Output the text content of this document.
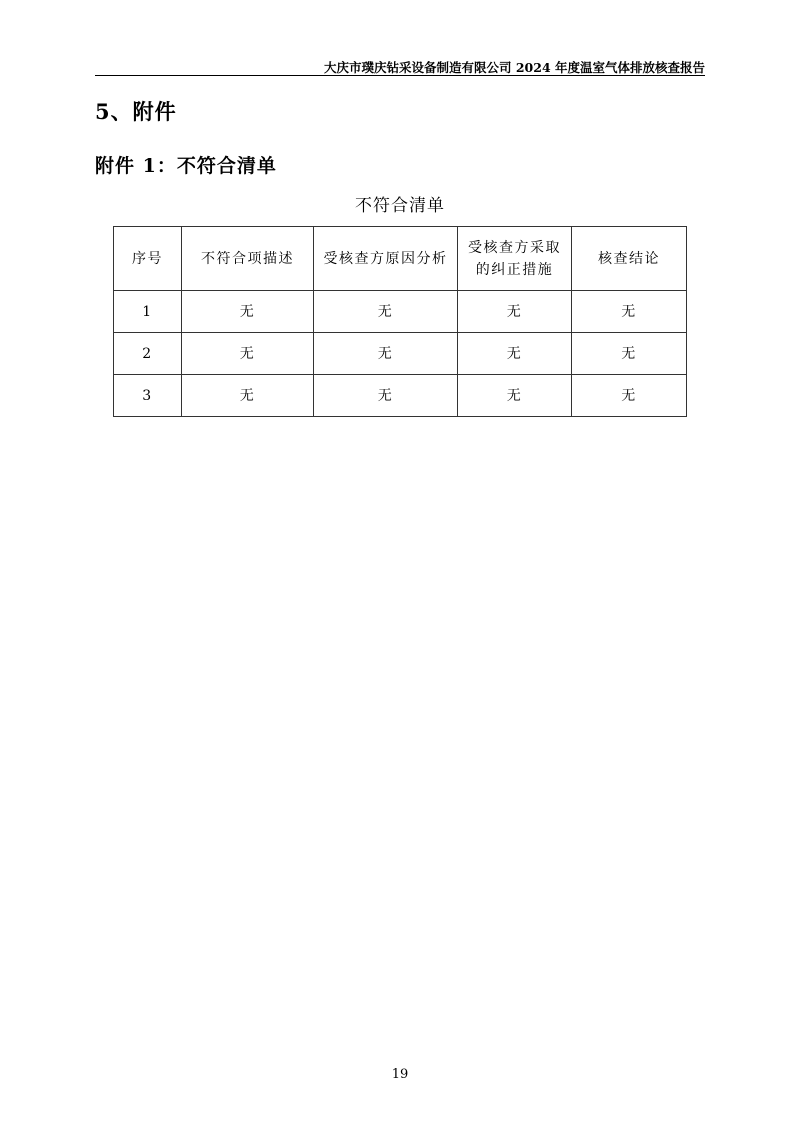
大庆市璞庆钻采设备制造有限公司 2024 年度温室气体排放核查报告
5、附件
附件 1：不符合清单
不符合清单
序号	不符合项描述	受核查方原因分析	受核查方采取的纠正措施	核查结论
1	无	无	无	无
2	无	无	无	无
3	无	无	无	无
19
